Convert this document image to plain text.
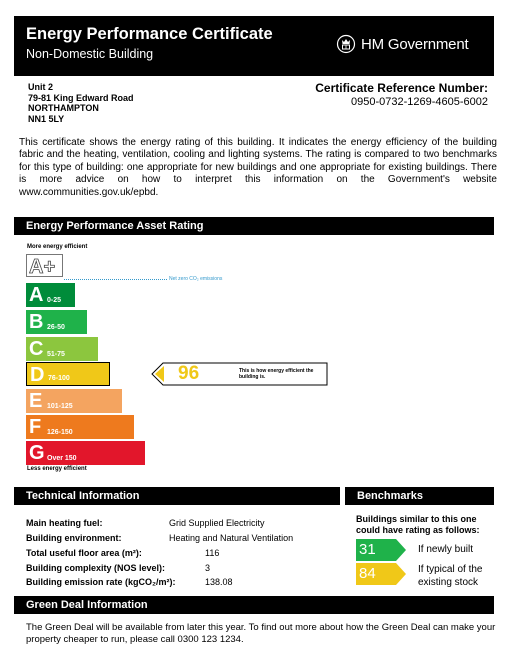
Energy Performance Certificate
Non-Domestic Building
HM Government
Unit 2
79-81 King Edward Road
NORTHAMPTON
NN1 5LY
Certificate Reference Number:
0950-0732-1269-4605-6002
This certificate shows the energy rating of this building. It indicates the energy efficiency of the building fabric and the heating, ventilation, cooling and lighting systems. The rating is compared to two benchmarks for this type of building: one appropriate for new buildings and one appropriate for existing buildings. There is more advice on how to interpret this information on the Government's website www.communities.gov.uk/epbd.
Energy Performance Asset Rating
More energy efficient
A+
Net zero CO₂ emissions
A 0-25
B 26-50
C 51-75
D 76-100
E 101-125
F 126-150
G Over 150
Less energy efficient
96	This is how energy efficient the building is.
Technical Information
Main heating fuel:	Grid Supplied Electricity
Building environment:	Heating and Natural Ventilation
Total useful floor area (m²):	116
Building complexity (NOS level):	3
Building emission rate (kgCO₂/m²):	138.08
Benchmarks
Buildings similar to this one could have rating as follows:
31	If newly built
84	If typical of the existing stock
Green Deal Information
The Green Deal will be available from later this year. To find out more about how the Green Deal can make your property cheaper to run, please call 0300 123 1234.
